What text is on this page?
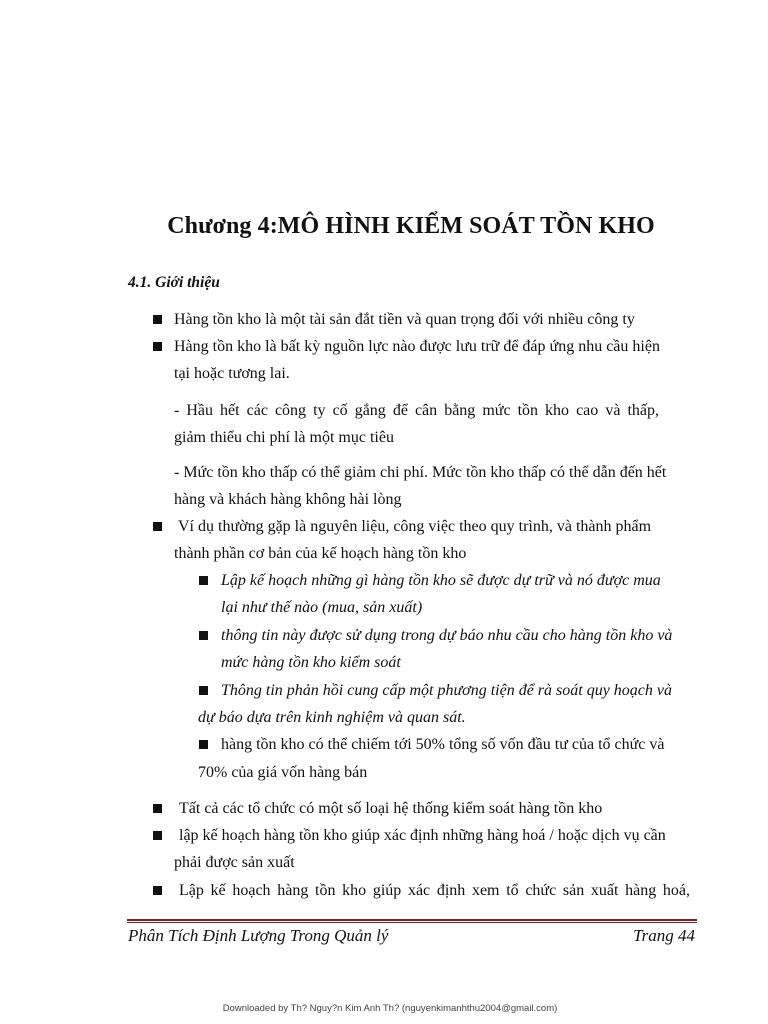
Chương 4:MÔ HÌNH KIỂM SOÁT TỒN KHO
4.1. Giới thiệu
Hàng tồn kho là một tài sản đắt tiền và quan trọng đối với nhiều công ty
Hàng tồn kho là bất kỳ nguồn lực nào được lưu trữ để đáp ứng nhu cầu hiện
tại hoặc tương lai.
- Hầu hết các công ty cố gắng để cân bằng mức tồn kho cao và thấp,
giảm thiểu chi phí là một mục tiêu
- Mức tồn kho thấp có thể giảm chi phí. Mức tồn kho thấp có thể dẫn đến hết
hàng và khách hàng không hài lòng
Ví dụ thường gặp là nguyên liệu, công việc theo quy trình, và thành phẩm
thành phần cơ bản của kế hoạch hàng tồn kho
Lập kế hoạch những gì hàng tồn kho sẽ được dự trữ và nó được mua
lại như thế nào (mua, sản xuất)
thông tin này được sử dụng trong dự báo nhu cầu cho hàng tồn kho và
mức hàng tồn kho kiểm soát
Thông tin phản hồi cung cấp một phương tiện để rà soát quy hoạch và
dự báo dựa trên kinh nghiệm và quan sát.
hàng tồn kho có thể chiếm tới 50% tổng số vốn đầu tư của tổ chức và
70% của giá vốn hàng bán
Tất cả các tổ chức có một số loại hệ thống kiểm soát hàng tồn kho
lập kế hoạch hàng tồn kho giúp xác định những hàng hoá / hoặc dịch vụ cần
phải được sản xuất
Lập kế hoạch hàng tồn kho giúp xác định xem tổ chức sản xuất hàng hoá,
Phân Tích Định Lượng Trong Quản lý	Trang 44
Downloaded by Th? Nguy?n Kim Anh Th? (nguyenkimanhthu2004@gmail.com)
